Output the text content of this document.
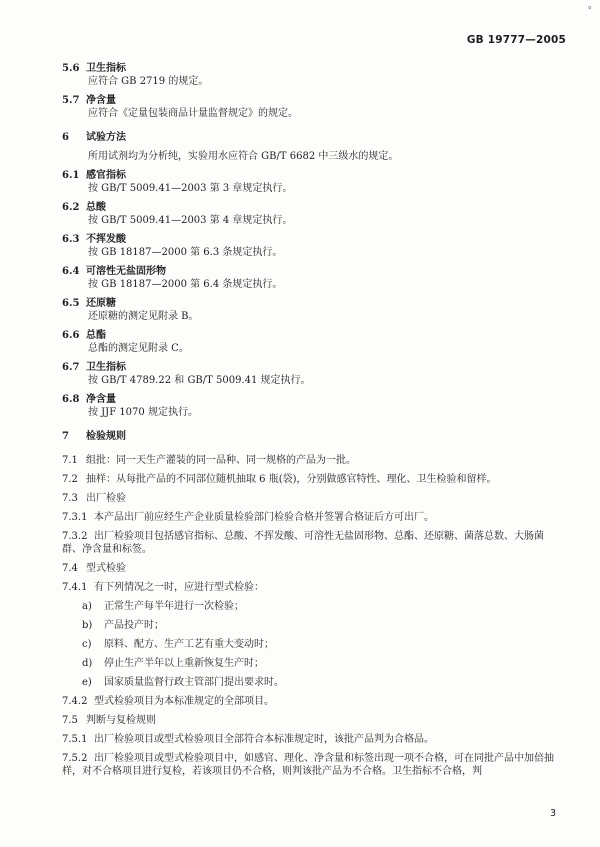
°
GB 19777—2005
5.6 卫生指标
应符合 GB 2719 的规定。
5.7 净含量
应符合《定量包装商品计量监督规定》的规定。
6 试验方法
所用试剂均为分析纯，实验用水应符合 GB/T 6682 中三级水的规定。
6.1 感官指标
按 GB/T 5009.41—2003 第 3 章规定执行。
6.2 总酸
按 GB/T 5009.41—2003 第 4 章规定执行。
6.3 不挥发酸
按 GB 18187—2000 第 6.3 条规定执行。
6.4 可溶性无盐固形物
按 GB 18187—2000 第 6.4 条规定执行。
6.5 还原糖
还原糖的测定见附录 B。
6.6 总酯
总酯的测定见附录 C。
6.7 卫生指标
按 GB/T 4789.22 和 GB/T 5009.41 规定执行。
6.8 净含量
按 JJF 1070 规定执行。
7 检验规则
7.1 组批：同一天生产灌装的同一品种、同一规格的产品为一批。
7.2 抽样：从每批产品的不同部位随机抽取 6 瓶(袋)，分别做感官特性、理化、卫生检验和留样。
7.3 出厂检验
7.3.1 本产品出厂前应经生产企业质量检验部门检验合格并签署合格证后方可出厂。
7.3.2 出厂检验项目包括感官指标、总酸、不挥发酸、可溶性无盐固形物、总酯、还原糖、菌落总数、大肠菌群、净含量和标签。
7.4 型式检验
7.4.1 有下列情况之一时，应进行型式检验：
a) 正常生产每半年进行一次检验；
b) 产品投产时；
c) 原料、配方、生产工艺有重大变动时；
d) 停止生产半年以上重新恢复生产时；
e) 国家质量监督行政主管部门提出要求时。
7.4.2 型式检验项目为本标准规定的全部项目。
7.5 判断与复检规则
7.5.1 出厂检验项目或型式检验项目全部符合本标准规定时，该批产品判为合格品。
7.5.2 出厂检验项目或型式检验项目中，如感官、理化、净含量和标签出现一项不合格，可在同批产品中加倍抽样，对不合格项目进行复检，若该项目仍不合格，则判该批产品为不合格。卫生指标不合格，判
3
